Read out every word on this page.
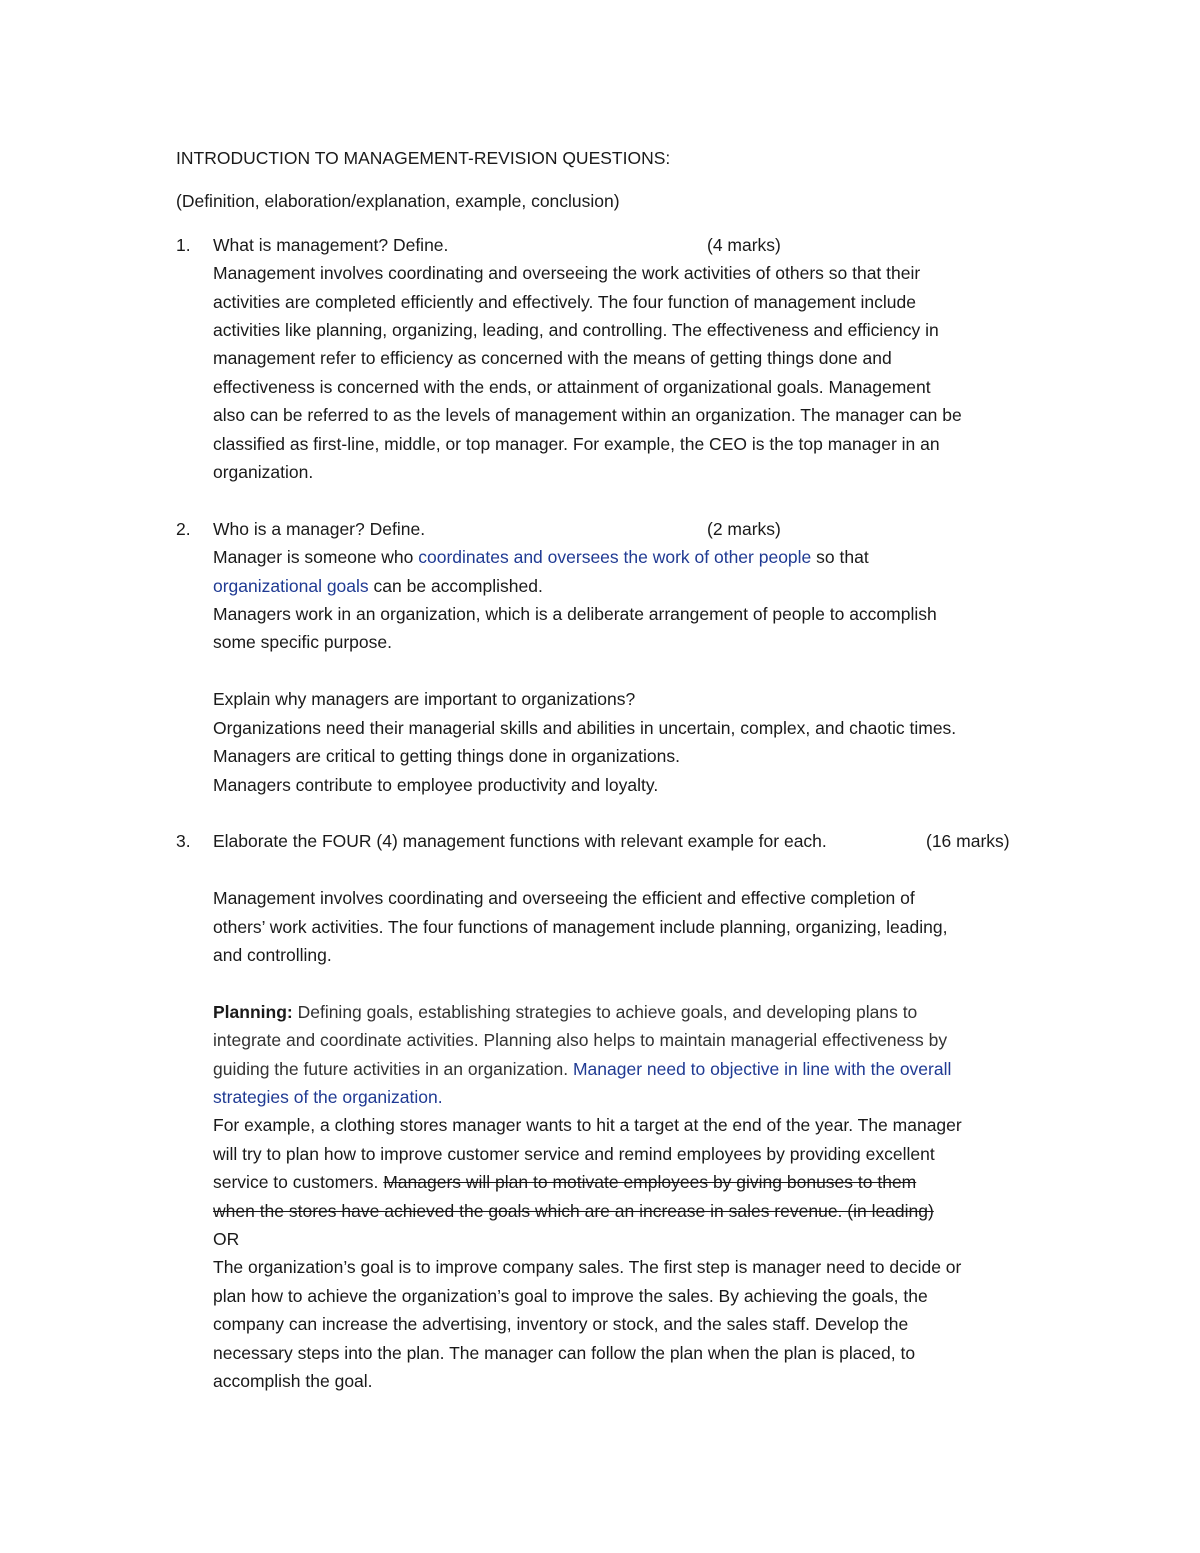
INTRODUCTION TO MANAGEMENT-REVISION QUESTIONS:
(Definition, elaboration/explanation, example, conclusion)
1. What is management? Define.	(4 marks)
Management involves coordinating and overseeing the work activities of others so that their
activities are completed efficiently and effectively. The four function of management include
activities like planning, organizing, leading, and controlling. The effectiveness and efficiency in
management refer to efficiency as concerned with the means of getting things done and
effectiveness is concerned with the ends, or attainment of organizational goals. Management
also can be referred to as the levels of management within an organization. The manager can be
classified as first-line, middle, or top manager. For example, the CEO is the top manager in an
organization.
2. Who is a manager? Define.	(2 marks)
Manager is someone who coordinates and oversees the work of other people so that
organizational goals can be accomplished.
Managers work in an organization, which is a deliberate arrangement of people to accomplish
some specific purpose.
Explain why managers are important to organizations?
Organizations need their managerial skills and abilities in uncertain, complex, and chaotic times.
Managers are critical to getting things done in organizations.
Managers contribute to employee productivity and loyalty.
3. Elaborate the FOUR (4) management functions with relevant example for each.	(16 marks)
Management involves coordinating and overseeing the efficient and effective completion of
others’ work activities. The four functions of management include planning, organizing, leading,
and controlling.
Planning: Defining goals, establishing strategies to achieve goals, and developing plans to
integrate and coordinate activities. Planning also helps to maintain managerial effectiveness by
guiding the future activities in an organization. Manager need to objective in line with the overall
strategies of the organization.
For example, a clothing stores manager wants to hit a target at the end of the year. The manager
will try to plan how to improve customer service and remind employees by providing excellent
service to customers. Managers will plan to motivate employees by giving bonuses to them
when the stores have achieved the goals which are an increase in sales revenue. (in leading)
OR
The organization’s goal is to improve company sales. The first step is manager need to decide or
plan how to achieve the organization’s goal to improve the sales. By achieving the goals, the
company can increase the advertising, inventory or stock, and the sales staff. Develop the
necessary steps into the plan. The manager can follow the plan when the plan is placed, to
accomplish the goal.
